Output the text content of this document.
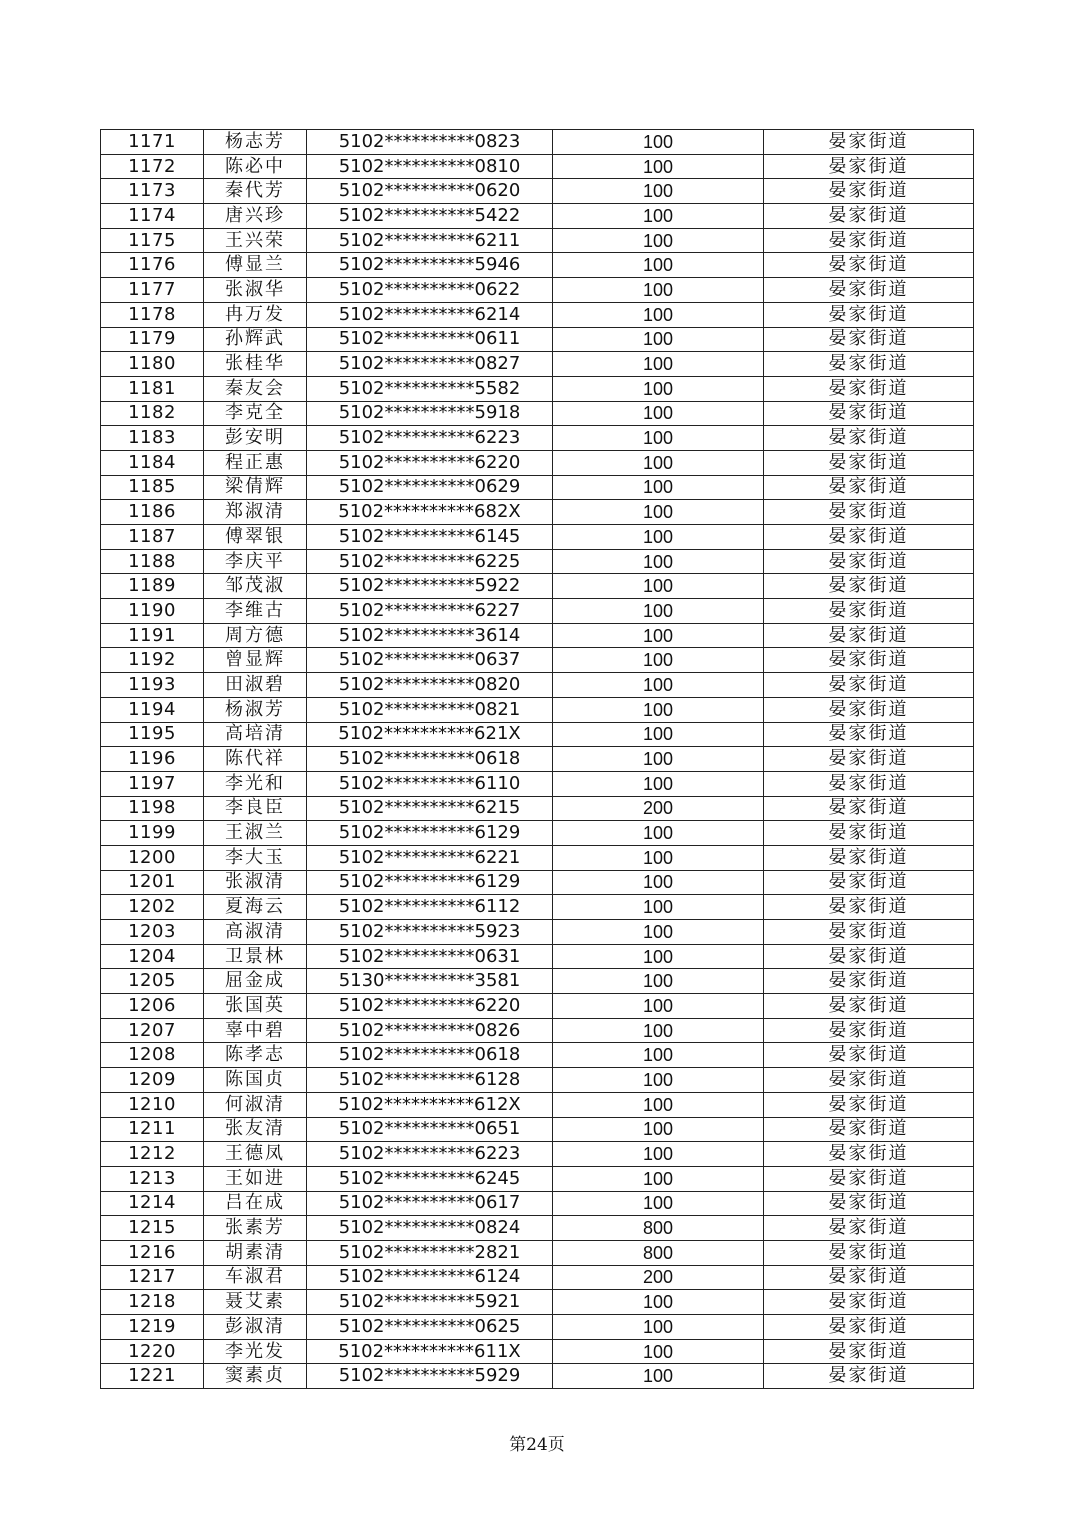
1171	杨志芳	5102**********0823	100	晏家街道
1172	陈必中	5102**********0810	100	晏家街道
1173	秦代芳	5102**********0620	100	晏家街道
1174	唐兴珍	5102**********5422	100	晏家街道
1175	王兴荣	5102**********6211	100	晏家街道
1176	傅显兰	5102**********5946	100	晏家街道
1177	张淑华	5102**********0622	100	晏家街道
1178	冉万发	5102**********6214	100	晏家街道
1179	孙辉武	5102**********0611	100	晏家街道
1180	张桂华	5102**********0827	100	晏家街道
1181	秦友会	5102**********5582	100	晏家街道
1182	李克全	5102**********5918	100	晏家街道
1183	彭安明	5102**********6223	100	晏家街道
1184	程正惠	5102**********6220	100	晏家街道
1185	梁倩辉	5102**********0629	100	晏家街道
1186	郑淑清	5102**********682X	100	晏家街道
1187	傅翠银	5102**********6145	100	晏家街道
1188	李庆平	5102**********6225	100	晏家街道
1189	邹茂淑	5102**********5922	100	晏家街道
1190	李维古	5102**********6227	100	晏家街道
1191	周方德	5102**********3614	100	晏家街道
1192	曾显辉	5102**********0637	100	晏家街道
1193	田淑碧	5102**********0820	100	晏家街道
1194	杨淑芳	5102**********0821	100	晏家街道
1195	高培清	5102**********621X	100	晏家街道
1196	陈代祥	5102**********0618	100	晏家街道
1197	李光和	5102**********6110	100	晏家街道
1198	李良臣	5102**********6215	200	晏家街道
1199	王淑兰	5102**********6129	100	晏家街道
1200	李大玉	5102**********6221	100	晏家街道
1201	张淑清	5102**********6129	100	晏家街道
1202	夏海云	5102**********6112	100	晏家街道
1203	高淑清	5102**********5923	100	晏家街道
1204	卫景林	5102**********0631	100	晏家街道
1205	屈金成	5130**********3581	100	晏家街道
1206	张国英	5102**********6220	100	晏家街道
1207	辜中碧	5102**********0826	100	晏家街道
1208	陈孝志	5102**********0618	100	晏家街道
1209	陈国贞	5102**********6128	100	晏家街道
1210	何淑清	5102**********612X	100	晏家街道
1211	张友清	5102**********0651	100	晏家街道
1212	王德凤	5102**********6223	100	晏家街道
1213	王如进	5102**********6245	100	晏家街道
1214	吕在成	5102**********0617	100	晏家街道
1215	张素芳	5102**********0824	800	晏家街道
1216	胡素清	5102**********2821	800	晏家街道
1217	车淑君	5102**********6124	200	晏家街道
1218	聂艾素	5102**********5921	100	晏家街道
1219	彭淑清	5102**********0625	100	晏家街道
1220	李光发	5102**********611X	100	晏家街道
1221	窦素贞	5102**********5929	100	晏家街道
第24页
